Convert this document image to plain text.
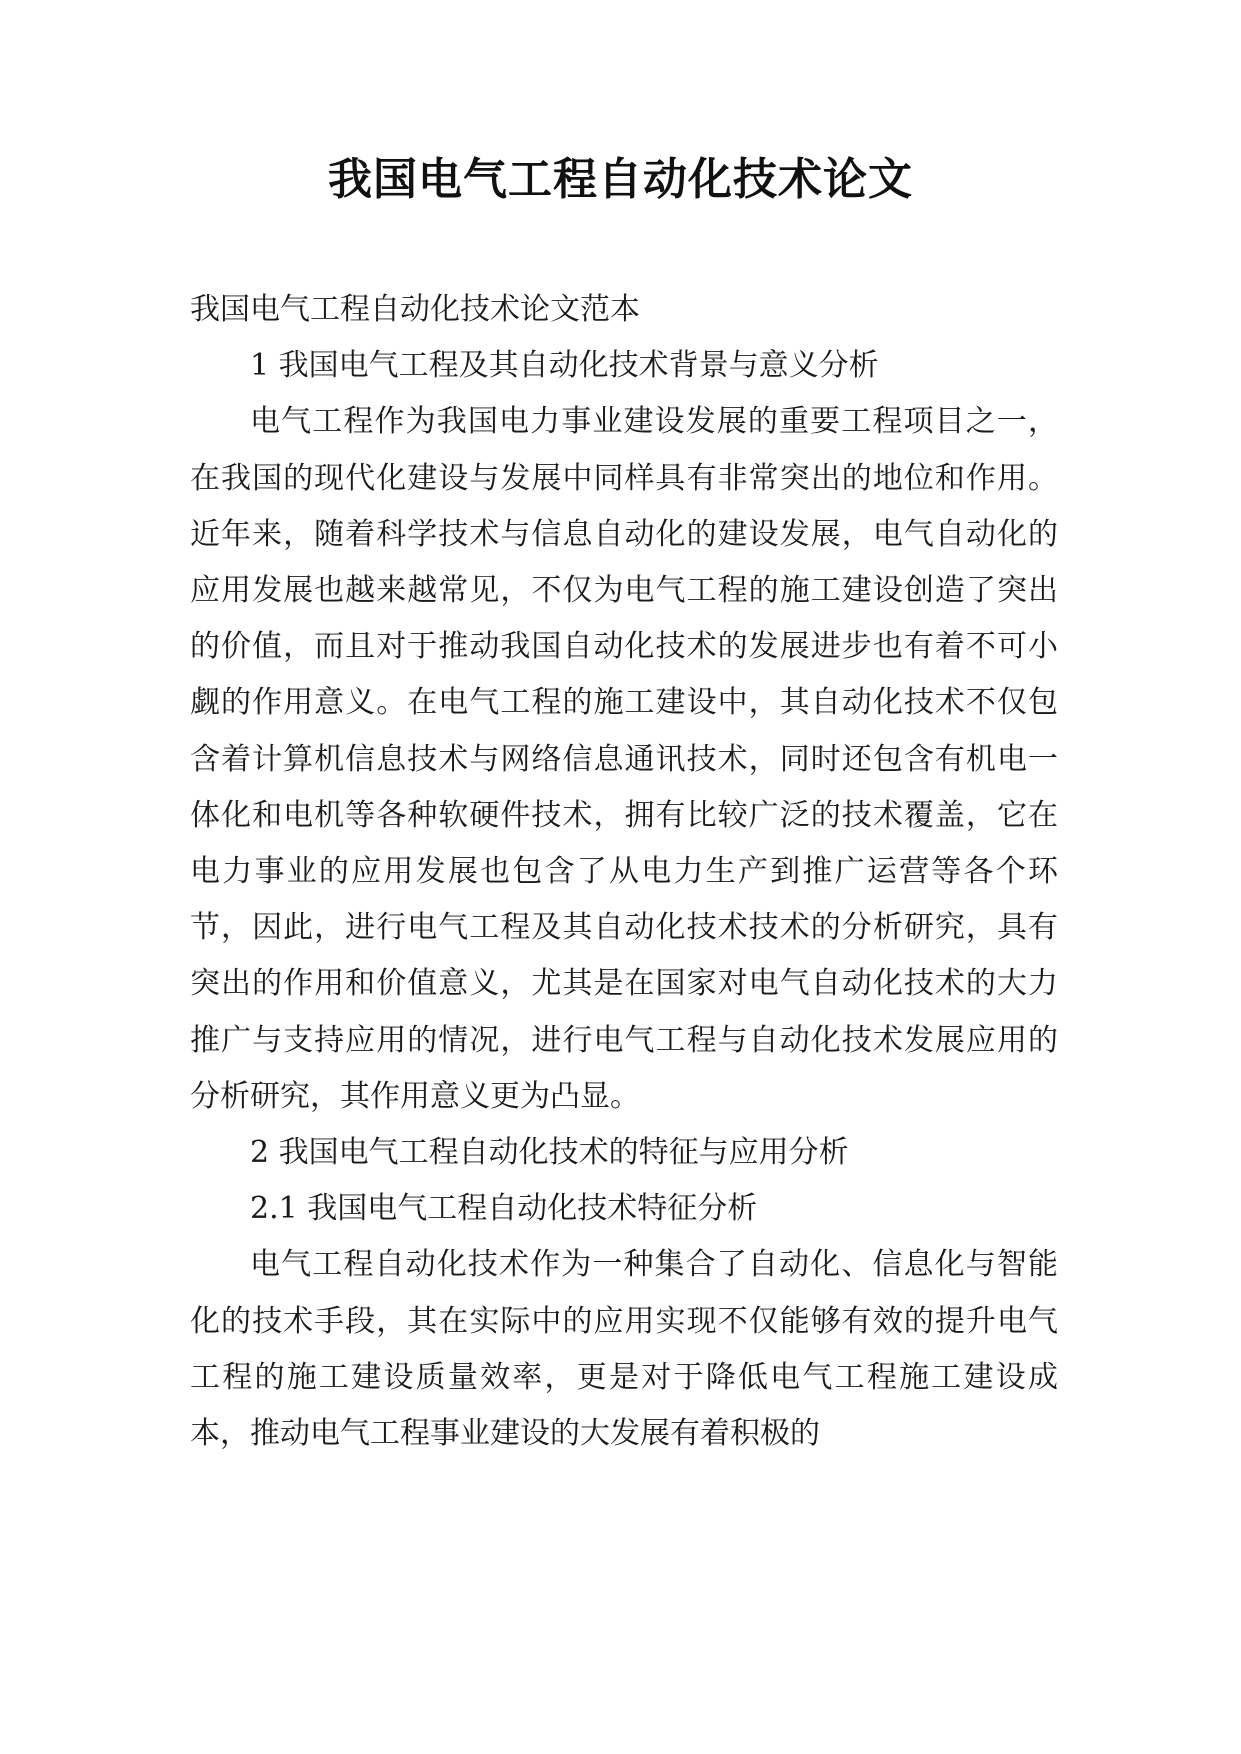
我国电气工程自动化技术论文

我国电气工程自动化技术论文范本

1 我国电气工程及其自动化技术背景与意义分析

电气工程作为我国电力事业建设发展的重要工程项目之一，在我国的现代化建设与发展中同样具有非常突出的地位和作用。近年来，随着科学技术与信息自动化的建设发展，电气自动化的应用发展也越来越常见，不仅为电气工程的施工建设创造了突出的价值，而且对于推动我国自动化技术的发展进步也有着不可小觑的作用意义。在电气工程的施工建设中，其自动化技术不仅包含着计算机信息技术与网络信息通讯技术，同时还包含有机电一体化和电机等各种软硬件技术，拥有比较广泛的技术覆盖，它在电力事业的应用发展也包含了从电力生产到推广运营等各个环节，因此，进行电气工程及其自动化技术技术的分析研究，具有突出的作用和价值意义，尤其是在国家对电气自动化技术的大力推广与支持应用的情况，进行电气工程与自动化技术发展应用的分析研究，其作用意义更为凸显。

2 我国电气工程自动化技术的特征与应用分析

2.1 我国电气工程自动化技术特征分析

电气工程自动化技术作为一种集合了自动化、信息化与智能化的技术手段，其在实际中的应用实现不仅能够有效的提升电气工程的施工建设质量效率，更是对于降低电气工程施工建设成本，推动电气工程事业建设的大发展有着积极的
